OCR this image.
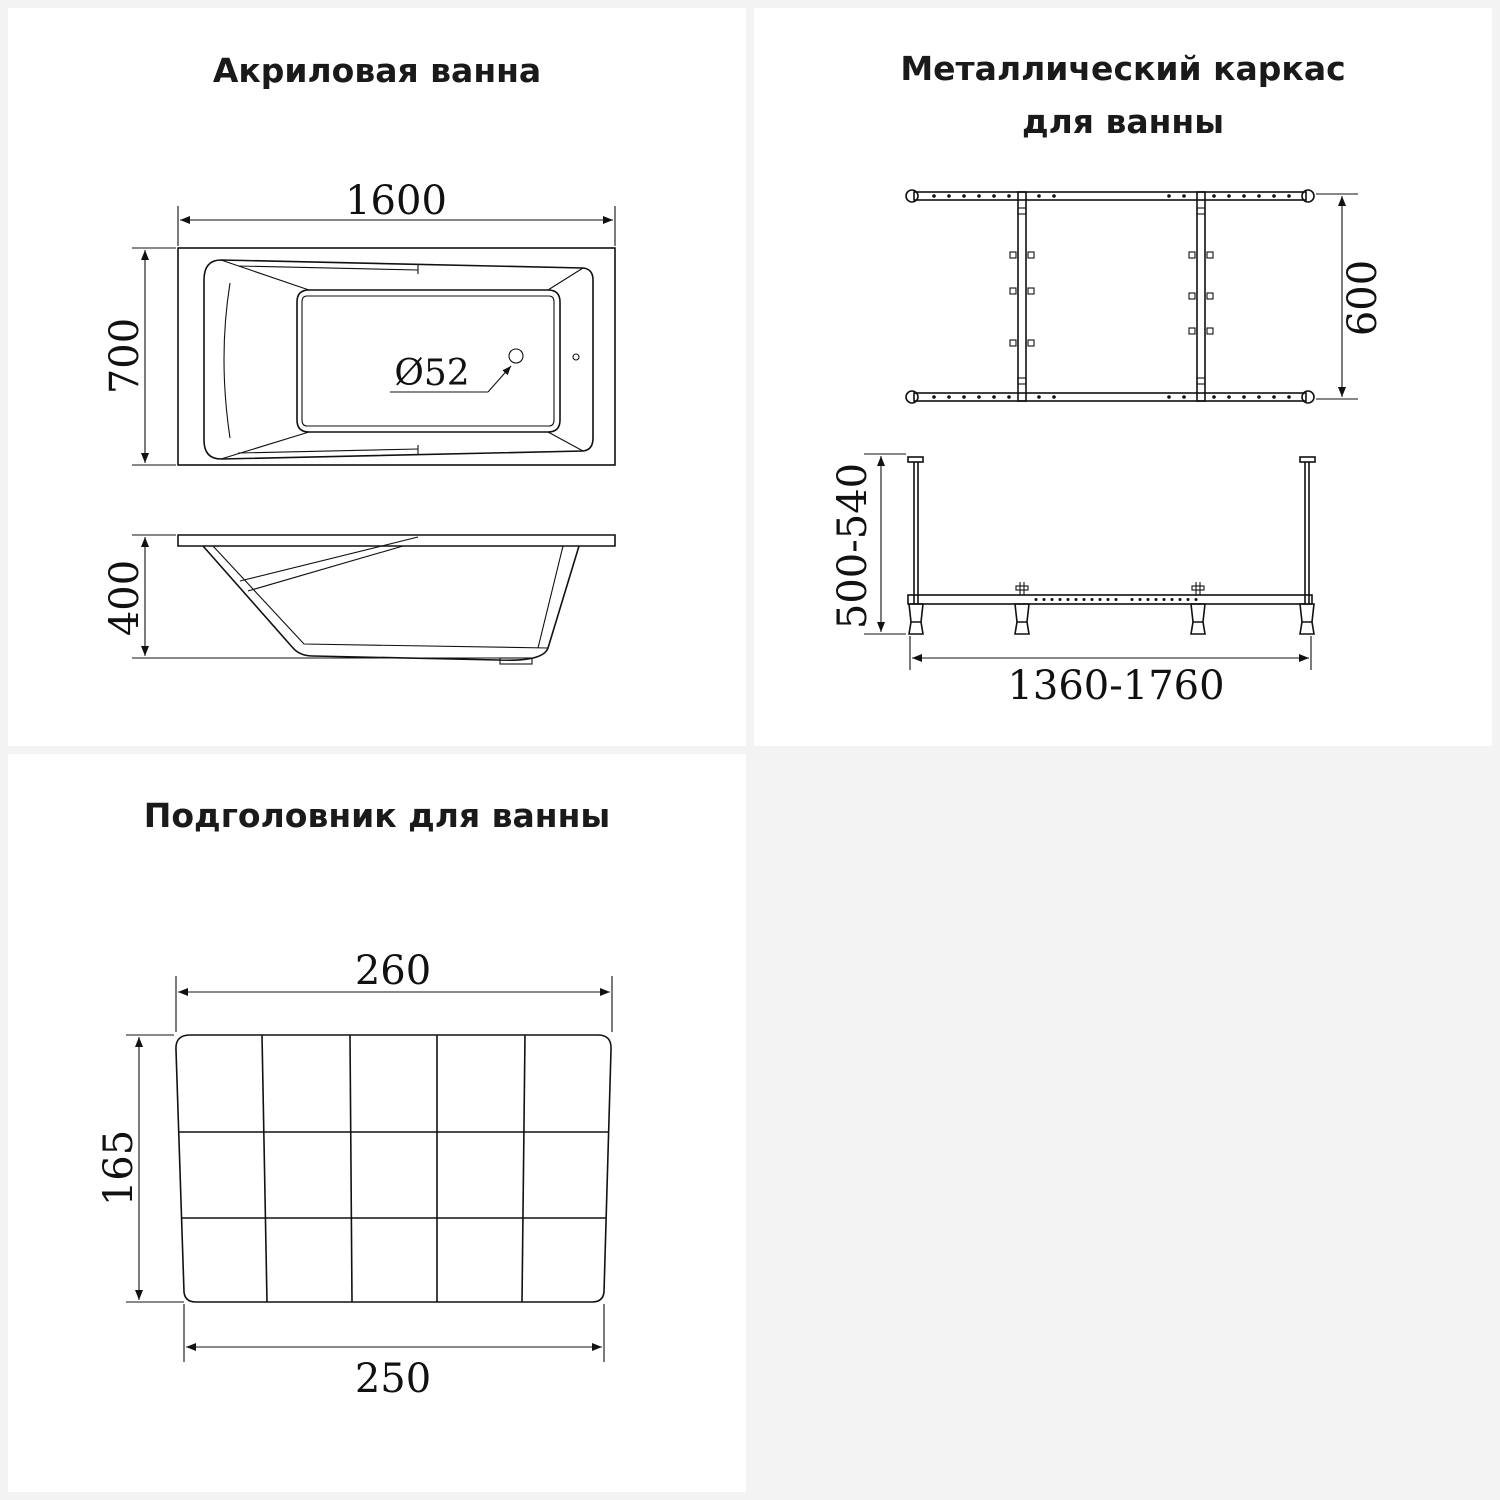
Акриловая ванна
1600
700	Ø52
400
Металлический каркас
для ванны
600
500-540
1360-1760
Подголовник для ванны
260
165
250
